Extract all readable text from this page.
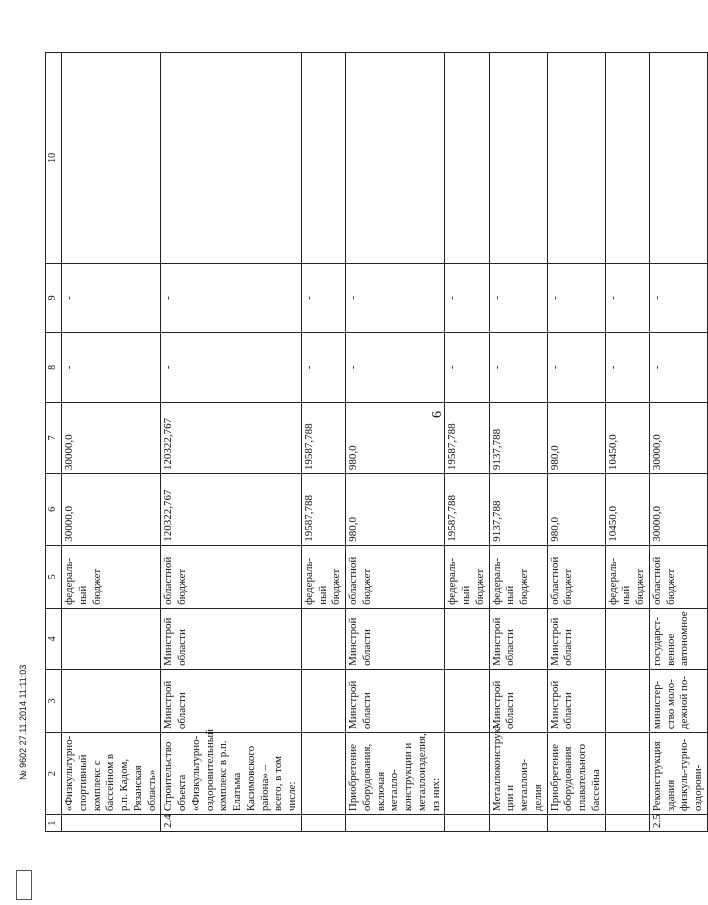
6
1	2	3	4	5	6	7	8	9	10
	«Физкультурно-спортивный комплекс с бассейном в р.п. Кадом, Рязанская область»			федераль-ный бюджет	30000,0	30000,0	-	-	
2.4	Строительство объекта «Физкультурно-оздоровительный комплекс в р.п. Елатьма Касимовского района» – всего, в том числе:	Минстрой области	Минстрой области	областной бюджет	120322,767	120322,767	-	-	
				федераль-ный бюджет	19587,788	19587,788	-	-	
	Приобретение оборудования, включая металло-конструкции и металлоизделия, из них:	Минстрой области	Минстрой области	областной бюджет	980,0	980,0	-	-	
				федераль-ный бюджет	19587,788	19587,788	-	-	
	Металлоконструк-ции и металлоиз-делия	Минстрой области	Минстрой области	федераль-ный бюджет	9137,788	9137,788	-	-	
	Приобретение оборудования плавательного бассейна	Минстрой области	Минстрой области	областной бюджет	980,0	980,0	-	-	
				федераль-ный бюджет	10450,0	10450,0	-	-	
2.5	Реконструкция здания физкуль-турно-оздорови-	министер-ство моло-дежной по-	государст-венное автономное	областной бюджет	30000,0	30000,0	-	-	
№ 9602 27.11.2014 11:11:03
